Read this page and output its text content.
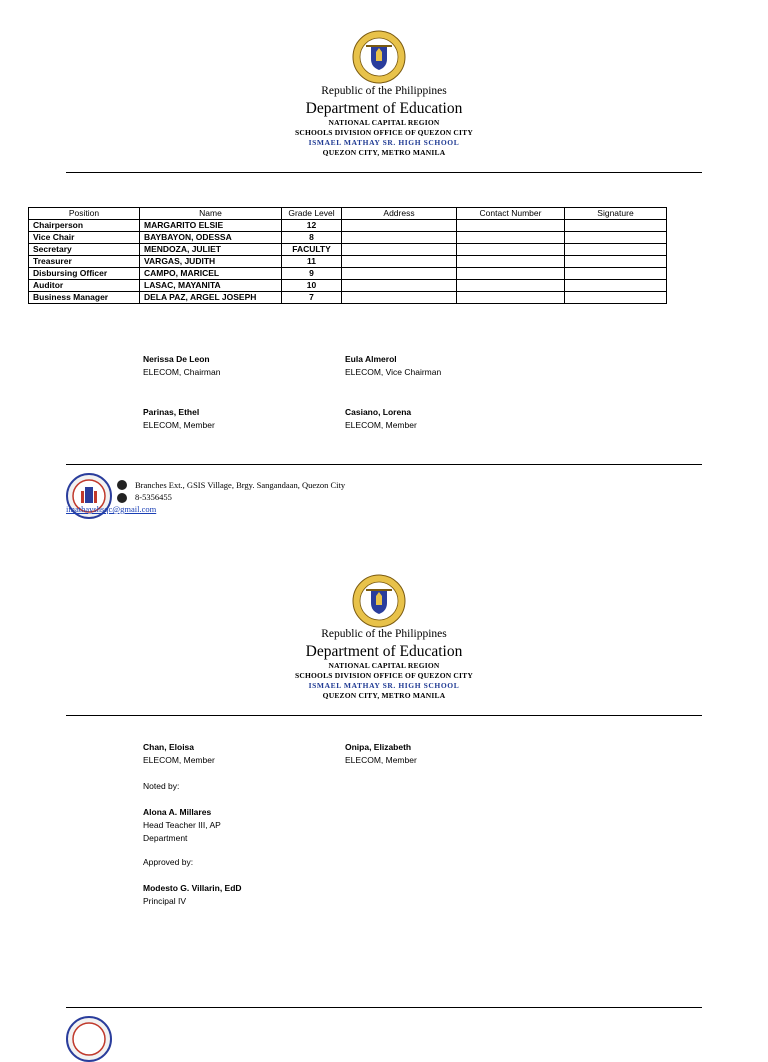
Republic of the Philippines
Department of Education
NATIONAL CAPITAL REGION
SCHOOLS DIVISION OFFICE OF QUEZON CITY
ISMAEL MATHAY SR. HIGH SCHOOL
QUEZON CITY, METRO MANILA
Position	Name	Grade Level	Address	Contact Number	Signature
Chairperson	MARGARITO ELSIE	12			
Vice Chair	BAYBAYON, ODESSA	8			
Secretary	MENDOZA, JULIET	FACULTY			
Treasurer	VARGAS, JUDITH	11			
Disbursing Officer	CAMPO, MARICEL	9			
Auditor	LASAC, MAYANITA	10			
Business Manager	DELA PAZ, ARGEL JOSEPH	7			
Nerissa De Leon
ELECOM, Chairman
Eula Almerol
ELECOM, Vice Chairman
Parinas, Ethel
ELECOM, Member
Casiano, Lorena
ELECOM, Member
Branches Ext., GSIS Village, Brgy. Sangandaan, Quezon City
8-5356455
imathayshsqc@gmail.com
Republic of the Philippines
Department of Education
NATIONAL CAPITAL REGION
SCHOOLS DIVISION OFFICE OF QUEZON CITY
ISMAEL MATHAY SR. HIGH SCHOOL
QUEZON CITY, METRO MANILA
Chan, Eloisa
ELECOM, Member
Onipa, Elizabeth
ELECOM, Member
Noted by:
Alona A. Millares
Head Teacher III, AP
Department
Approved by:
Modesto G. Villarin, EdD
Principal IV
